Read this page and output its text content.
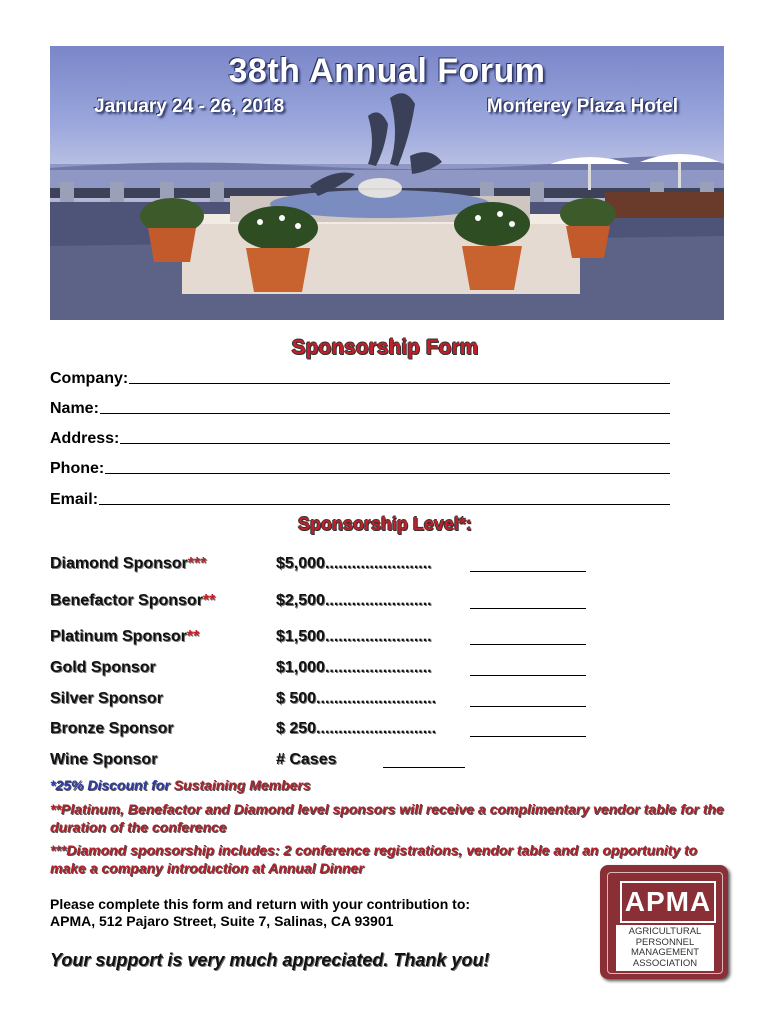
38th Annual Forum
January 24 - 26, 2018	Monterey Plaza Hotel
Sponsorship Form
Company:
Name:
Address:
Phone:
Email:
Sponsorship Level*:
Diamond Sponsor***	$5,000........................
Benefactor Sponsor**	$2,500........................
Platinum Sponsor**	$1,500........................
Gold Sponsor	$1,000........................
Silver Sponsor	$ 500...........................
Bronze Sponsor	$ 250...........................
Wine Sponsor	# Cases
*25% Discount for Sustaining Members
**Platinum, Benefactor and Diamond level sponsors will receive a complimentary vendor table for the duration of the conference
***Diamond sponsorship includes: 2 conference registrations, vendor table and an opportunity to make a company introduction at Annual Dinner
Please complete this form and return with your contribution to:
APMA, 512 Pajaro Street, Suite 7, Salinas, CA 93901
Your support is very much appreciated. Thank you!
APMA
AGRICULTURAL
PERSONNEL
MANAGEMENT
ASSOCIATION
